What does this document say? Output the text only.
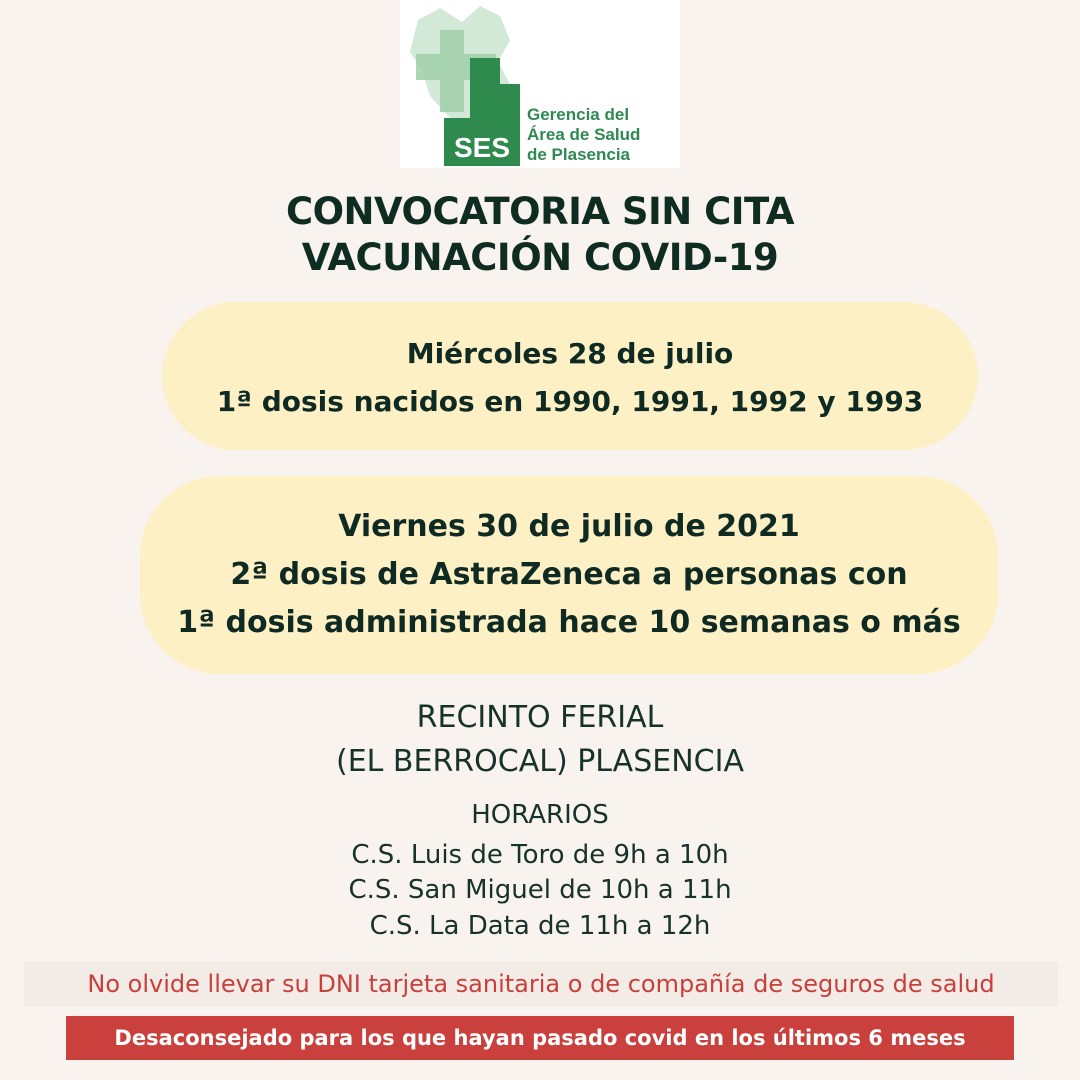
SES
Gerencia del
Área de Salud
de Plasencia
CONVOCATORIA SIN CITA
VACUNACIÓN COVID-19
Miércoles 28 de julio
1ª dosis nacidos en 1990, 1991, 1992 y 1993
Viernes 30 de julio de 2021
2ª dosis de AstraZeneca a personas con
1ª dosis administrada hace 10 semanas o más
RECINTO FERIAL
(EL BERROCAL) PLASENCIA
HORARIOS
C.S. Luis de Toro de 9h a 10h
C.S. San Miguel de 10h a 11h
C.S. La Data de 11h a 12h
No olvide llevar su DNI tarjeta sanitaria o de compañía de seguros de salud
Desaconsejado para los que hayan pasado covid en los últimos 6 meses
